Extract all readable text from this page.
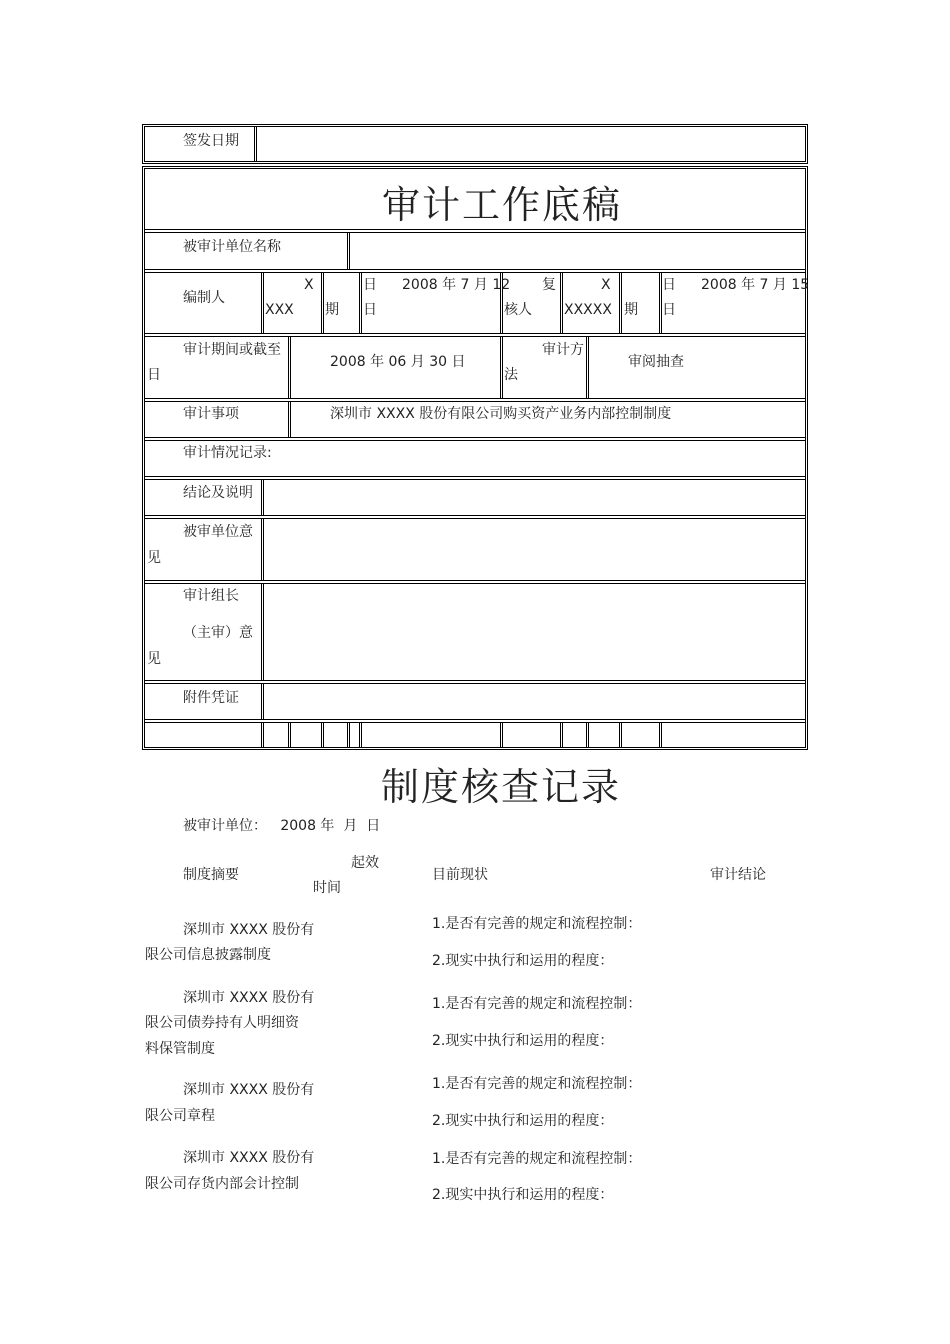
签发日期
审计工作底稿
被审计单位名称
编制人
X
XXX
日
期
2008 年 7 月 12
日
复
核人
X
XXXXX
日
期
2008 年 7 月 15
日
审计期间或截至
日
2008 年 06 月 30 日
审计方
法
审阅抽查
审计事项	深圳市 XXXX 股份有限公司购买资产业务内部控制制度
审计情况记录:
结论及说明
被审单位意
见
审计组长
（主审）意
见
附件凭证
制度核查记录
被审计单位：   2008 年  月  日
制度摘要
起效
时间
目前现状	审计结论
深圳市 XXXX 股份有
限公司信息披露制度
1.是否有完善的规定和流程控制：
2.现实中执行和运用的程度：
深圳市 XXXX 股份有
限公司债券持有人明细资
料保管制度
1.是否有完善的规定和流程控制：
2.现实中执行和运用的程度：
深圳市 XXXX 股份有
限公司章程
1.是否有完善的规定和流程控制：
2.现实中执行和运用的程度：
深圳市 XXXX 股份有
限公司存货内部会计控制
1.是否有完善的规定和流程控制：
2.现实中执行和运用的程度：
